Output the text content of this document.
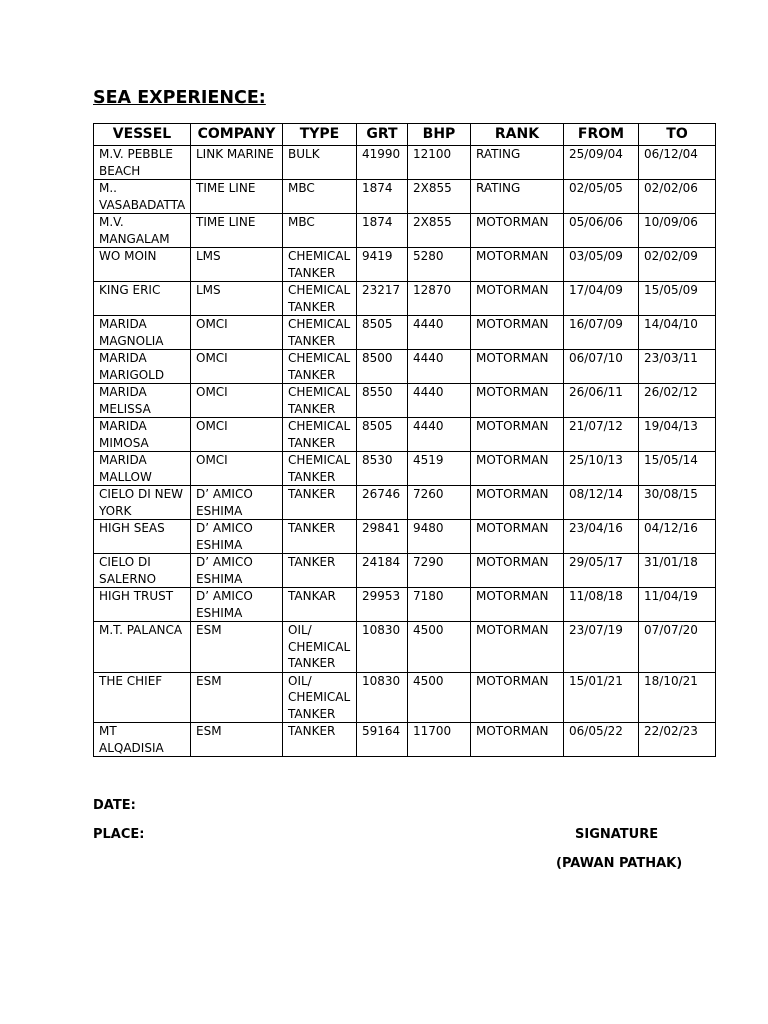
SEA EXPERIENCE:
VESSEL	COMPANY	TYPE	GRT	BHP	RANK	FROM	TO
M.V. PEBBLE BEACH	LINK MARINE	BULK	41990	12100	RATING	25/09/04	06/12/04
M.. VASABADATTA	TIME LINE	MBC	1874	2X855	RATING	02/05/05	02/02/06
M.V. MANGALAM	TIME LINE	MBC	1874	2X855	MOTORMAN	05/06/06	10/09/06
WO MOIN	LMS	CHEMICAL TANKER	9419	5280	MOTORMAN	03/05/09	02/02/09
KING ERIC	LMS	CHEMICAL TANKER	23217	12870	MOTORMAN	17/04/09	15/05/09
MARIDA MAGNOLIA	OMCI	CHEMICAL TANKER	8505	4440	MOTORMAN	16/07/09	14/04/10
MARIDA MARIGOLD	OMCI	CHEMICAL TANKER	8500	4440	MOTORMAN	06/07/10	23/03/11
MARIDA MELISSA	OMCI	CHEMICAL TANKER	8550	4440	MOTORMAN	26/06/11	26/02/12
MARIDA MIMOSA	OMCI	CHEMICAL TANKER	8505	4440	MOTORMAN	21/07/12	19/04/13
MARIDA MALLOW	OMCI	CHEMICAL TANKER	8530	4519	MOTORMAN	25/10/13	15/05/14
CIELO DI NEW YORK	D’ AMICO ESHIMA	TANKER	26746	7260	MOTORMAN	08/12/14	30/08/15
HIGH SEAS	D’ AMICO ESHIMA	TANKER	29841	9480	MOTORMAN	23/04/16	04/12/16
CIELO DI SALERNO	D’ AMICO ESHIMA	TANKER	24184	7290	MOTORMAN	29/05/17	31/01/18
HIGH TRUST	D’ AMICO ESHIMA	TANKAR	29953	7180	MOTORMAN	11/08/18	11/04/19
M.T. PALANCA	ESM	OIL/ CHEMICAL TANKER	10830	4500	MOTORMAN	23/07/19	07/07/20
THE CHIEF	ESM	OIL/ CHEMICAL TANKER	10830	4500	MOTORMAN	15/01/21	18/10/21
MT ALQADISIA	ESM	TANKER	59164	11700	MOTORMAN	06/05/22	22/02/23

DATE:

PLACE:	SIGNATURE

(PAWAN PATHAK)
